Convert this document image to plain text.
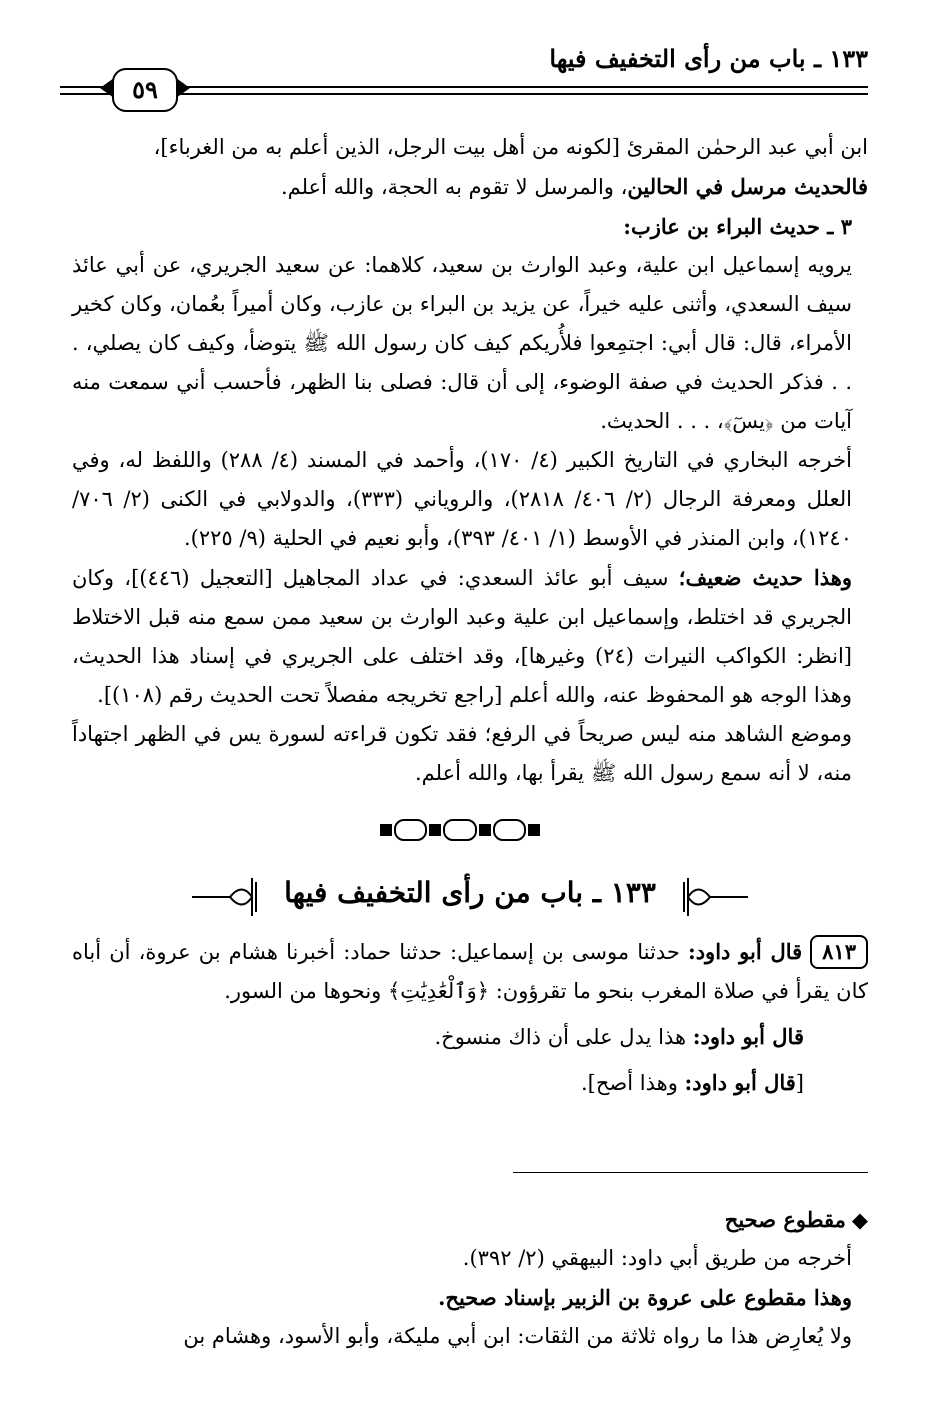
١٣٣ ـ باب من رأى التخفيف فيها
٥٩

ابن أبي عبد الرحمٰن المقرئ [لكونه من أهل بيت الرجل، الذين أعلم به من الغرباء]،

فالحديث مرسل في الحالين، والمرسل لا تقوم به الحجة، والله أعلم.

٣ ـ حديث البراء بن عازب:

يرويه إسماعيل ابن علية، وعبد الوارث بن سعيد، كلاهما: عن سعيد الجريري، عن أبي عائذ سيف السعدي، وأثنى عليه خيراً، عن يزيد بن البراء بن عازب، وكان أميراً بعُمان، وكان كخير الأمراء، قال: قال أبي: اجتمِعوا فلأُريكم كيف كان رسول الله ﷺ يتوضأ، وكيف كان يصلي، . . . فذكر الحديث في صفة الوضوء، إلى أن قال: فصلى بنا الظهر، فأحسب أني سمعت منه آيات من ﴿يسٓ﴾، . . . الحديث.

أخرجه البخاري في التاريخ الكبير (٤/ ١٧٠)، وأحمد في المسند (٤/ ٢٨٨) واللفظ له، وفي العلل ومعرفة الرجال (٢/ ٤٠٦/ ٢٨١٨)، والروياني (٣٣٣)، والدولابي في الكنى (٢/ ٧٠٦/ ١٢٤٠)، وابن المنذر في الأوسط (١/ ٤٠١/ ٣٩٣)، وأبو نعيم في الحلية (٩/ ٢٢٥).

وهذا حديث ضعيف؛ سيف أبو عائذ السعدي: في عداد المجاهيل [التعجيل (٤٤٦)]، وكان الجريري قد اختلط، وإسماعيل ابن علية وعبد الوارث بن سعيد ممن سمع منه قبل الاختلاط [انظر: الكواكب النيرات (٢٤) وغيرها]، وقد اختلف على الجريري في إسناد هذا الحديث، وهذا الوجه هو المحفوظ عنه، والله أعلم [راجع تخريجه مفصلاً تحت الحديث رقم (١٠٨)].

وموضع الشاهد منه ليس صريحاً في الرفع؛ فقد تكون قراءته لسورة يس في الظهر اجتهاداً منه، لا أنه سمع رسول الله ﷺ يقرأ بها، والله أعلم.

١٣٣ ـ باب من رأى التخفيف فيها

٨١٣قال أبو داود: حدثنا موسى بن إسماعيل: حدثنا حماد: أخبرنا هشام بن عروة، أن أباه كان يقرأ في صلاة المغرب بنحو ما تقرؤون: ﴿وَٱلْعَٰدِيَٰتِ﴾ ونحوها من السور.

قال أبو داود: هذا يدل على أن ذاك منسوخ.

[قال أبو داود: وهذا أصح].

◆مقطوع صحيح

أخرجه من طريق أبي داود: البيهقي (٢/ ٣٩٢).

وهذا مقطوع على عروة بن الزبير بإسناد صحيح.

ولا يُعارِض هذا ما رواه ثلاثة من الثقات: ابن أبي مليكة، وأبو الأسود، وهشام بن
